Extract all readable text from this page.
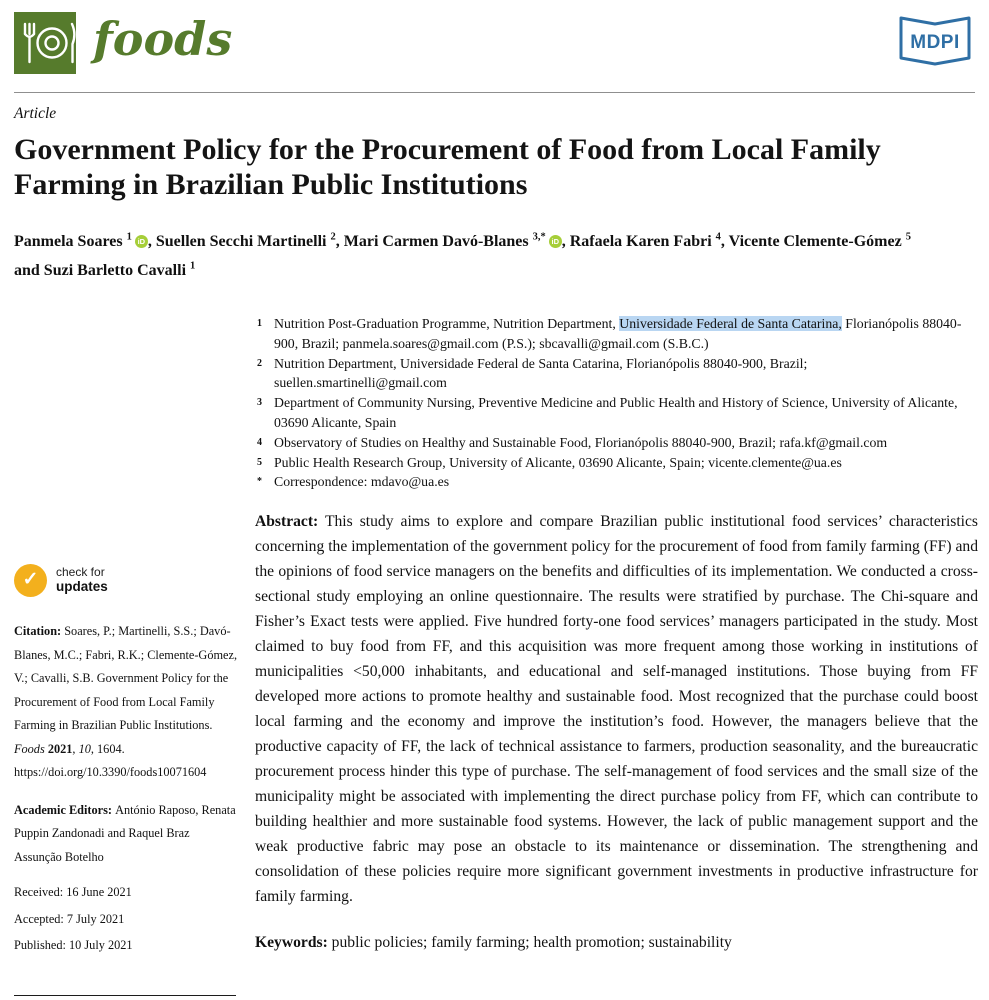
foods	MDPI
Article
Government Policy for the Procurement of Food from Local Family Farming in Brazilian Public Institutions
Panmela Soares $^1$ iD , Suellen Secchi Martinelli $^2$, Mari Carmen Davó-Blanes $^{3,*}$ iD , Rafaela Karen Fabri $^4$, Vicente Clemente-Gómez $^5$ and Suzi Barletto Cavalli $^1$
1 Nutrition Post-Graduation Programme, Nutrition Department, Universidade Federal de Santa Catarina, Florianópolis 88040-900, Brazil; panmela.soares@gmail.com (P.S.); sbcavalli@gmail.com (S.B.C.)
2 Nutrition Department, Universidade Federal de Santa Catarina, Florianópolis 88040-900, Brazil; suellen.smartinelli@gmail.com
3 Department of Community Nursing, Preventive Medicine and Public Health and History of Science, University of Alicante, 03690 Alicante, Spain
4 Observatory of Studies on Healthy and Sustainable Food, Florianópolis 88040-900, Brazil; rafa.kf@gmail.com
5 Public Health Research Group, University of Alicante, 03690 Alicante, Spain; vicente.clemente@ua.es
* Correspondence: mdavo@ua.es
✓ check for
updates

Citation: Soares, P.; Martinelli, S.S.; Davó-Blanes, M.C.; Fabri, R.K.; Clemente-Gómez, V.; Cavalli, S.B. Government Policy for the Procurement of Food from Local Family Farming in Brazilian Public Institutions. Foods 2021, 10, 1604. https://doi.org/10.3390/foods10071604

Academic Editors: António Raposo, Renata Puppin Zandonadi and Raquel Braz Assunção Botelho

Received: 16 June 2021
Accepted: 7 July 2021
Published: 10 July 2021

Abstract: This study aims to explore and compare Brazilian public institutional food services’ characteristics concerning the implementation of the government policy for the procurement of food from family farming (FF) and the opinions of food service managers on the benefits and difficulties of its implementation. We conducted a cross-sectional study employing an online questionnaire. The results were stratified by purchase. The Chi-square and Fisher’s Exact tests were applied. Five hundred forty-one food services’ managers participated in the study. Most claimed to buy food from FF, and this acquisition was more frequent among those working in institutions of municipalities <50,000 inhabitants, and educational and self-managed institutions. Those buying from FF developed more actions to promote healthy and sustainable food. Most recognized that the purchase could boost local farming and the economy and improve the institution’s food. However, the managers believe that the productive capacity of FF, the lack of technical assistance to farmers, production seasonality, and the bureaucratic procurement process hinder this type of purchase. The self-management of food services and the small size of the municipality might be associated with implementing the direct purchase policy from FF, which can contribute to building healthier and more sustainable food systems. However, the lack of public management support and the weak productive fabric may pose an obstacle to its maintenance or dissemination. The strengthening and consolidation of these policies require more significant government investments in productive infrastructure for family farming.

Keywords: public policies; family farming; health promotion; sustainability
